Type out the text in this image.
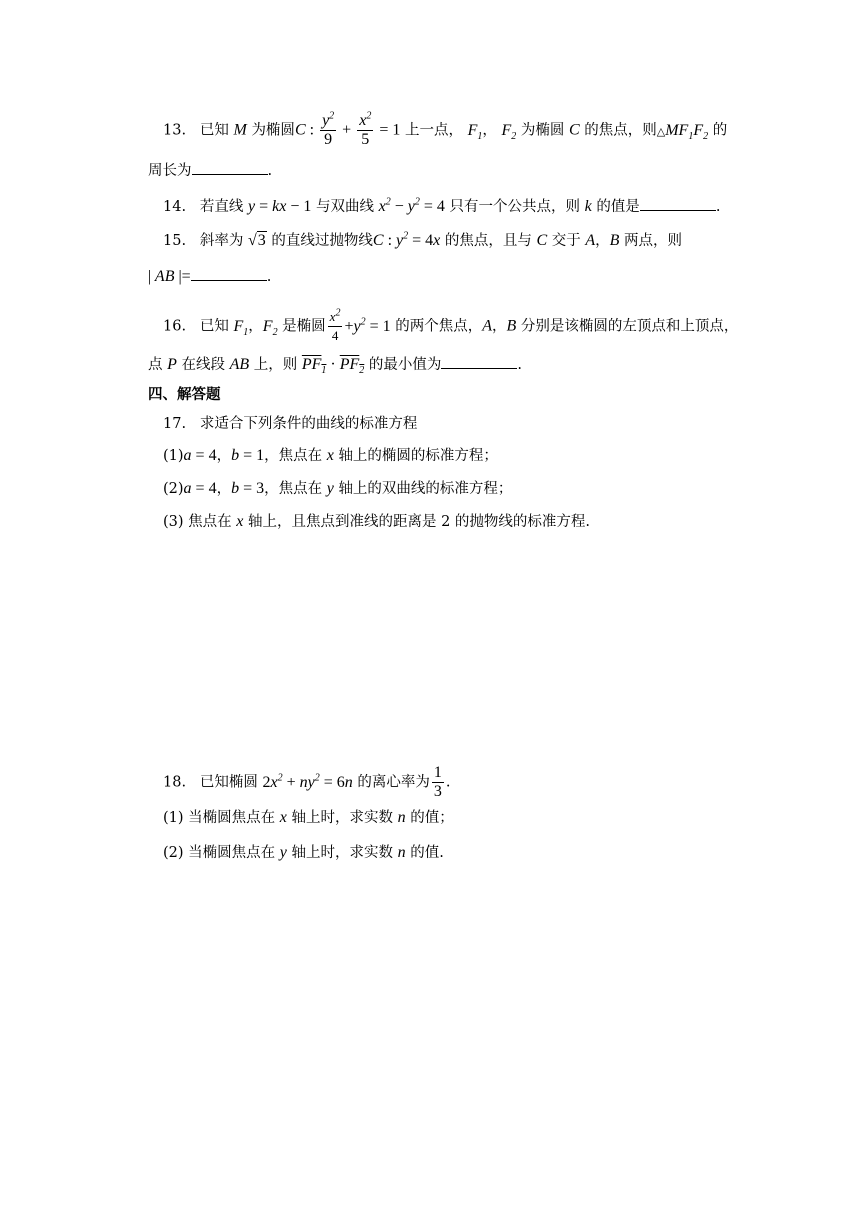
13. 已知 M 为椭圆C : $\frac{y^2}{9} + \frac{x^2}{5} = 1$ 上一点， $F_1$， $F_2$ 为椭圆 C 的焦点，则$\triangle MF_1F_2$ 的
周长为	.
14. 若直线 y = kx − 1 与双曲线 $x^2 - y^2 = 4$ 只有一个公共点，则 k 的值是	.
15. 斜率为 √3 的直线过抛物线C : $y^2 = 4x$ 的焦点，且与 C 交于 A，B 两点，则
| AB |=	.
16. 已知 $F_1$，$F_2$ 是椭圆 $\frac{x^2}{4} +y^2 = 1$ 的两个焦点，A，B 分别是该椭圆的左顶点和上顶点，
点 P 在线段 AB 上，则 $PF_1 \cdot PF_2$ 的最小值为	.
四、解答题
17. 求适合下列条件的曲线的标准方程
(1)a = 4，b = 1，焦点在 x 轴上的椭圆的标准方程；
(2)a = 4，b = 3，焦点在 y 轴上的双曲线的标准方程；
(3) 焦点在 x 轴上，且焦点到准线的距离是 2 的抛物线的标准方程.
18. 已知椭圆 $2x^2 + ny^2 = 6n$ 的离心率为 $\frac{1}{3}$ .
(1) 当椭圆焦点在 x 轴上时，求实数 n 的值；
(2) 当椭圆焦点在 y 轴上时，求实数 n 的值.
